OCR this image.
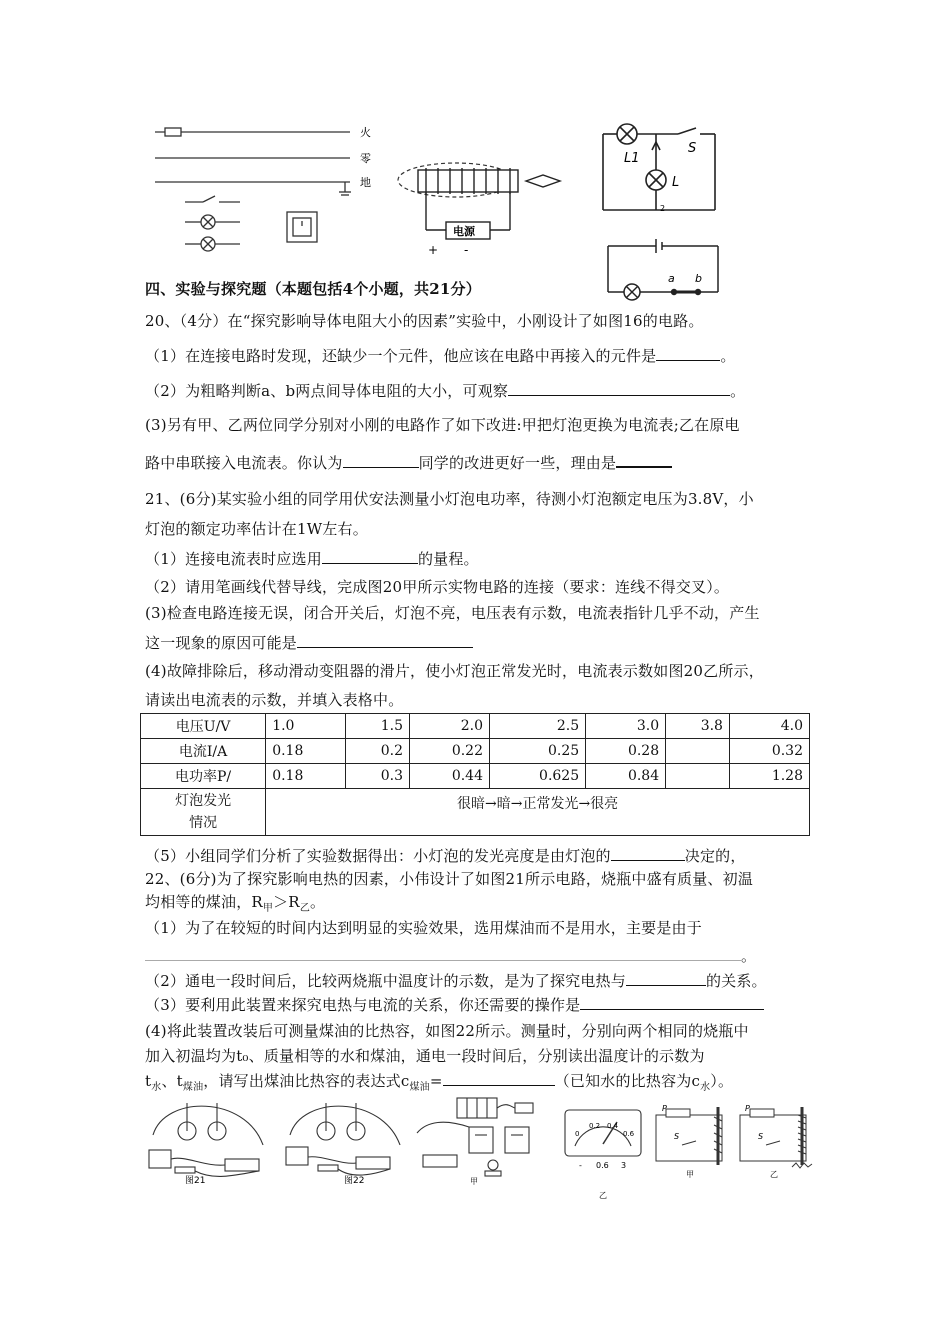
火
零
地
电源
+ -
L1
S
L
2
a b
四、实验与探究题（本题包括4个小题，共21分）
20、（4分）在“探究影响导体电阻大小的因素”实验中，小刚设计了如图16的电路。
（1）在连接电路时发现，还缺少一个元件，他应该在电路中再接入的元件是	。
（2）为粗略判断a、b两点间导体电阻的大小，可观察	。
(3)另有甲、乙两位同学分别对小刚的电路作了如下改进:甲把灯泡更换为电流表;乙在原电
路中串联接入电流表。你认为	同学的改进更好一些，理由是
21、(6分)某实验小组的同学用伏安法测量小灯泡电功率，待测小灯泡额定电压为3.8V，小
灯泡的额定功率估计在1W左右。
（1）连接电流表时应选用	的量程。
（2）请用笔画线代替导线，完成图20甲所示实物电路的连接（要求：连线不得交叉）。
(3)检查电路连接无误，闭合开关后，灯泡不亮，电压表有示数，电流表指针几乎不动，产生
这一现象的原因可能是
(4)故障排除后，移动滑动变阻器的滑片，使小灯泡正常发光时，电流表示数如图20乙所示，
请读出电流表的示数，并填入表格中。
电压U/V	1.0	1.5	2.0	2.5	3.0	3.8	4.0
电流I/A	0.18	0.2	0.22	0.25	0.28		0.32
电功率P/	0.18	0.3	0.44	0.625	0.84		1.28

灯泡发光
情况	很暗→暗→正常发光→很亮						
（5）小组同学们分析了实验数据得出：小灯泡的发光亮度是由灯泡的	决定的，
22、(6分)为了探究影响电热的因素，小伟设计了如图21所示电路，烧瓶中盛有质量、初温
均相等的煤油，$R_甲>R_乙$。
（1）为了在较短的时间内达到明显的实验效果，选用煤油而不是用水，主要是由于
。
（2）通电一段时间后，比较两烧瓶中温度计的示数，是为了探究电热与	的关系。
（3）要利用此装置来探究电热与电流的关系，你还需要的操作是
(4)将此装置改装后可测量煤油的比热容，如图22所示。测量时，分别向两个相同的烧瓶中
加入初温均为t₀、质量相等的水和煤油，通电一段时间后，分别读出温度计的示数为
$t_水$、$t_{煤油}$，请写出煤油比热容的表达式$c_{煤油}=$	（已知水的比热容为$c_水$）。
图21	图22	甲
0
0.2 0.4
0.6
- 0.6 3
乙
P
S
甲
P
S
乙
